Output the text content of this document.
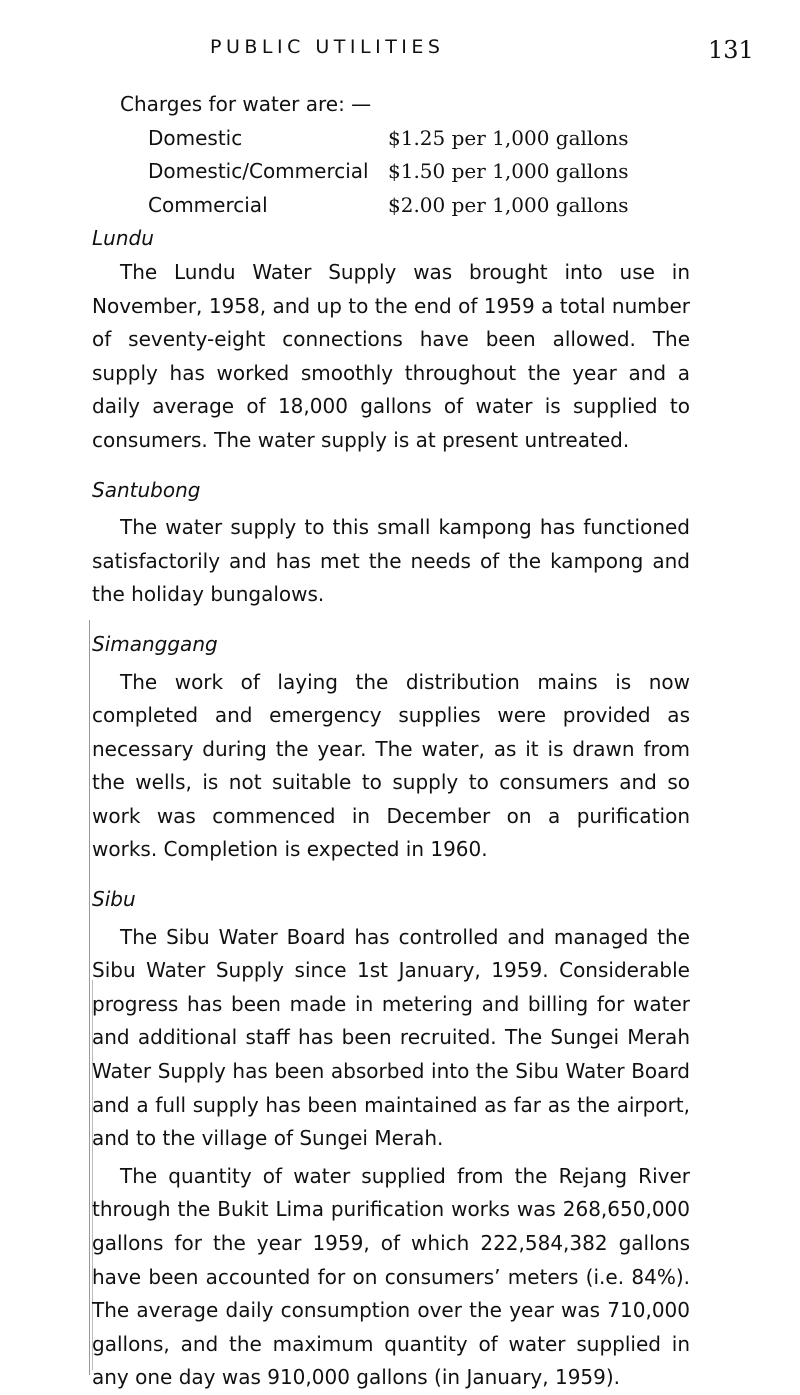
PUBLIC UTILITIES	131
Charges for water are: —
Domestic	$1.25 per 1,000 gallons
Domestic/Commercial $1.50 per 1,000 gallons
Commercial	$2.00 per 1,000 gallons
Lundu

The Lundu Water Supply was brought into use in November, 1958, and up to the end of 1959 a total number of seventy-eight connections have been allowed. The supply has worked smoothly throughout the year and a daily average of 18,000 gallons of water is supplied to consumers. The water supply is at present untreated.

Santubong

The water supply to this small kampong has functioned satisfactorily and has met the needs of the kampong and the holiday bungalows.

Simanggang

The work of laying the distribution mains is now completed and emergency supplies were provided as necessary during the year. The water, as it is drawn from the wells, is not suitable to supply to consumers and so work was commenced in December on a purification works. Completion is expected in 1960.

Sibu

The Sibu Water Board has controlled and managed the Sibu Water Supply since 1st January, 1959. Considerable progress has been made in metering and billing for water and additional staff has been recruited. The Sungei Merah Water Supply has been absorbed into the Sibu Water Board and a full supply has been maintained as far as the airport, and to the village of Sungei Merah.

The quantity of water supplied from the Rejang River through the Bukit Lima purification works was 268,650,000 gallons for the year 1959, of which 222,584,382 gallons have been accounted for on consumers’ meters (i.e. 84%). The average daily consumption over the year was 710,000 gallons, and the maximum quantity of water supplied in any one day was 910,000 gallons (in January, 1959).
